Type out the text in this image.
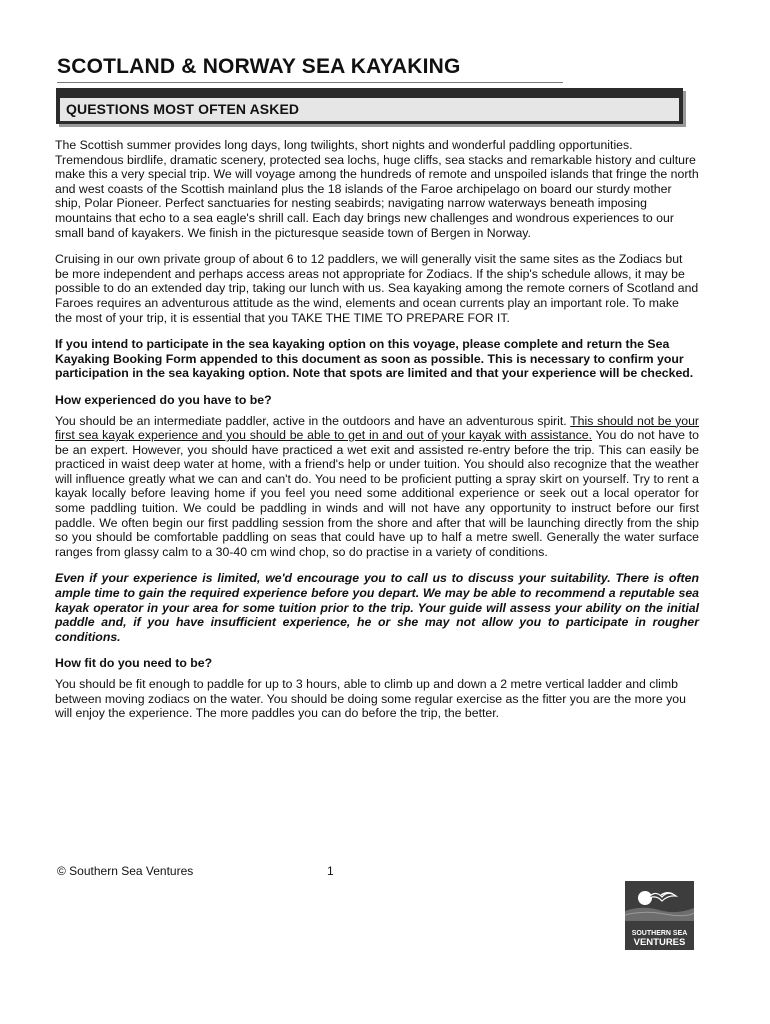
SCOTLAND & NORWAY SEA KAYAKING
QUESTIONS MOST OFTEN ASKED

The Scottish summer provides long days, long twilights, short nights and wonderful paddling opportunities. Tremendous birdlife, dramatic scenery, protected sea lochs, huge cliffs, sea stacks and remarkable history and culture make this a very special trip. We will voyage among the hundreds of remote and unspoiled islands that fringe the north and west coasts of the Scottish mainland plus the 18 islands of the Faroe archipelago on board our sturdy mother ship, Polar Pioneer. Perfect sanctuaries for nesting seabirds; navigating narrow waterways beneath imposing mountains that echo to a sea eagle's shrill call. Each day brings new challenges and wondrous experiences to our small band of kayakers. We finish in the picturesque seaside town of Bergen in Norway.

Cruising in our own private group of about 6 to 12 paddlers, we will generally visit the same sites as the Zodiacs but be more independent and perhaps access areas not appropriate for Zodiacs. If the ship's schedule allows, it may be possible to do an extended day trip, taking our lunch with us. Sea kayaking among the remote corners of Scotland and Faroes requires an adventurous attitude as the wind, elements and ocean currents play an important role. To make the most of your trip, it is essential that you TAKE THE TIME TO PREPARE FOR IT.

If you intend to participate in the sea kayaking option on this voyage, please complete and return the Sea Kayaking Booking Form appended to this document as soon as possible. This is necessary to confirm your participation in the sea kayaking option. Note that spots are limited and that your experience will be checked.

How experienced do you have to be?

You should be an intermediate paddler, active in the outdoors and have an adventurous spirit. This should not be your first sea kayak experience and you should be able to get in and out of your kayak with assistance. You do not have to be an expert. However, you should have practiced a wet exit and assisted re-entry before the trip. This can easily be practiced in waist deep water at home, with a friend's help or under tuition. You should also recognize that the weather will influence greatly what we can and can't do. You need to be proficient putting a spray skirt on yourself. Try to rent a kayak locally before leaving home if you feel you need some additional experience or seek out a local operator for some paddling tuition. We could be paddling in winds and will not have any opportunity to instruct before our first paddle. We often begin our first paddling session from the shore and after that will be launching directly from the ship so you should be comfortable paddling on seas that could have up to half a metre swell. Generally the water surface ranges from glassy calm to a 30-40 cm wind chop, so do practise in a variety of conditions.

Even if your experience is limited, we'd encourage you to call us to discuss your suitability. There is often ample time to gain the required experience before you depart. We may be able to recommend a reputable sea kayak operator in your area for some tuition prior to the trip. Your guide will assess your ability on the initial paddle and, if you have insufficient experience, he or she may not allow you to participate in rougher conditions.

How fit do you need to be?

You should be fit enough to paddle for up to 3 hours, able to climb up and down a 2 metre vertical ladder and climb between moving zodiacs on the water. You should be doing some regular exercise as the fitter you are the more you will enjoy the experience. The more paddles you can do before the trip, the better.

© Southern Sea Ventures	1
SOUTHERN SEA
VENTURES
